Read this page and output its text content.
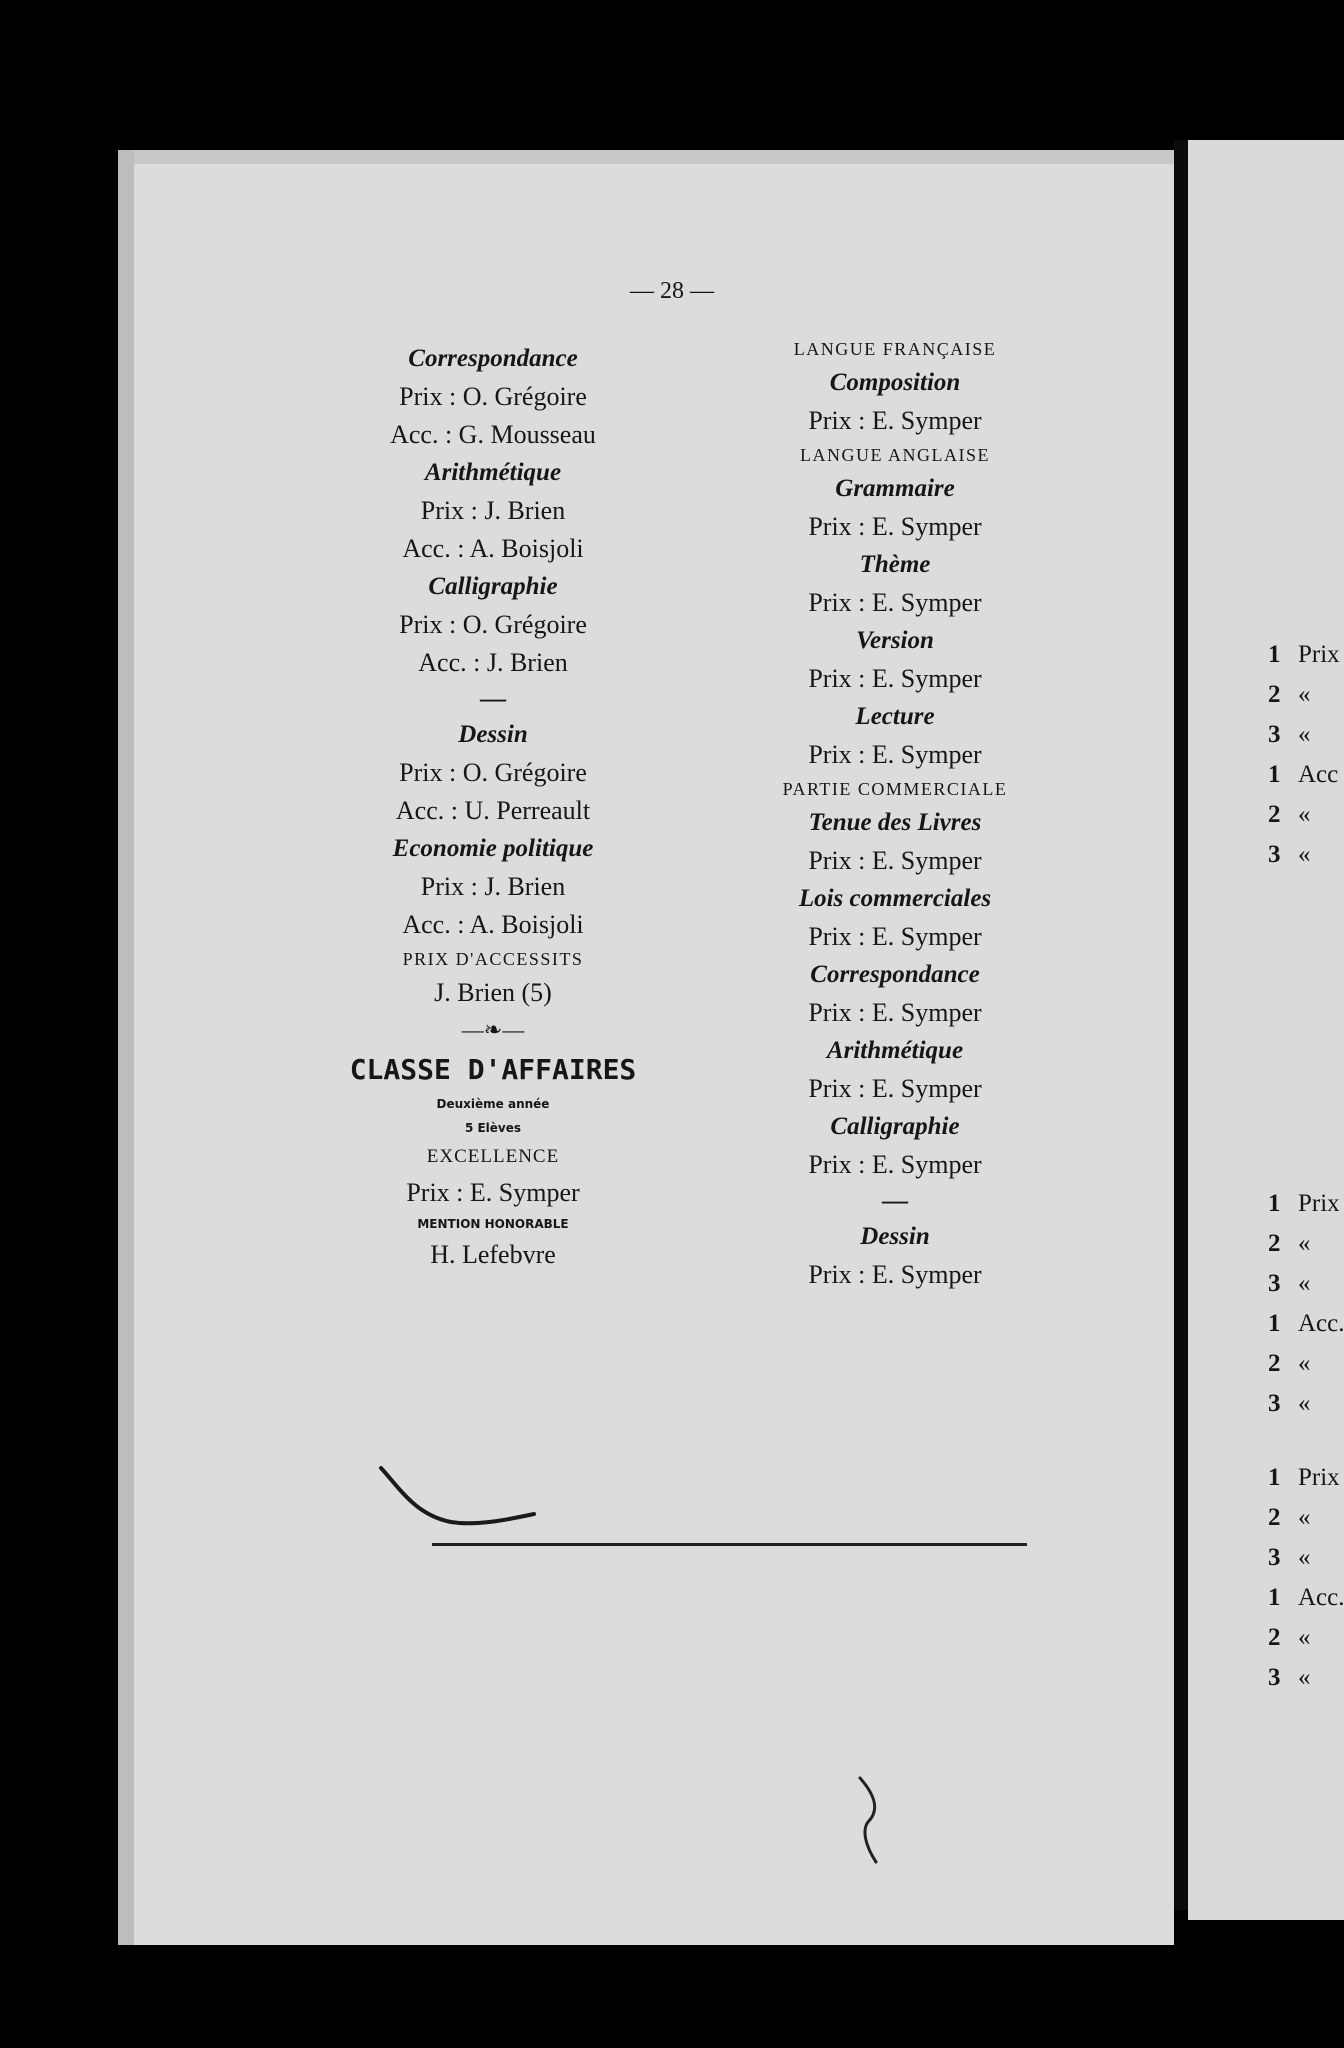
1 Prix
2 «
3 «
1 Acc
2 «
3 «
1 Prix
2 «
3 «
1 Acc.
2 «
3 «
1 Prix
2 «
3 «
1 Acc.
2 «
3 «
— 28 —
Correspondance
Prix : O. Grégoire
Acc. : G. Mousseau
Arithmétique
Prix : J. Brien
Acc. : A. Boisjoli
Calligraphie
Prix : O. Grégoire
Acc. : J. Brien
—
Dessin
Prix : O. Grégoire
Acc. : U. Perreault
Economie politique
Prix : J. Brien
Acc. : A. Boisjoli
PRIX D'ACCESSITS
J. Brien (5)
—❧—
CLASSE D'AFFAIRES
Deuxième année
5 Elèves
EXCELLENCE
Prix : E. Symper
MENTION HONORABLE
H. Lefebvre
LANGUE FRANÇAISE
Composition
Prix : E. Symper
LANGUE ANGLAISE
Grammaire
Prix : E. Symper
Thème
Prix : E. Symper
Version
Prix : E. Symper
Lecture
Prix : E. Symper
PARTIE COMMERCIALE
Tenue des Livres
Prix : E. Symper
Lois commerciales
Prix : E. Symper
Correspondance
Prix : E. Symper
Arithmétique
Prix : E. Symper
Calligraphie
Prix : E. Symper
—
Dessin
Prix : E. Symper
